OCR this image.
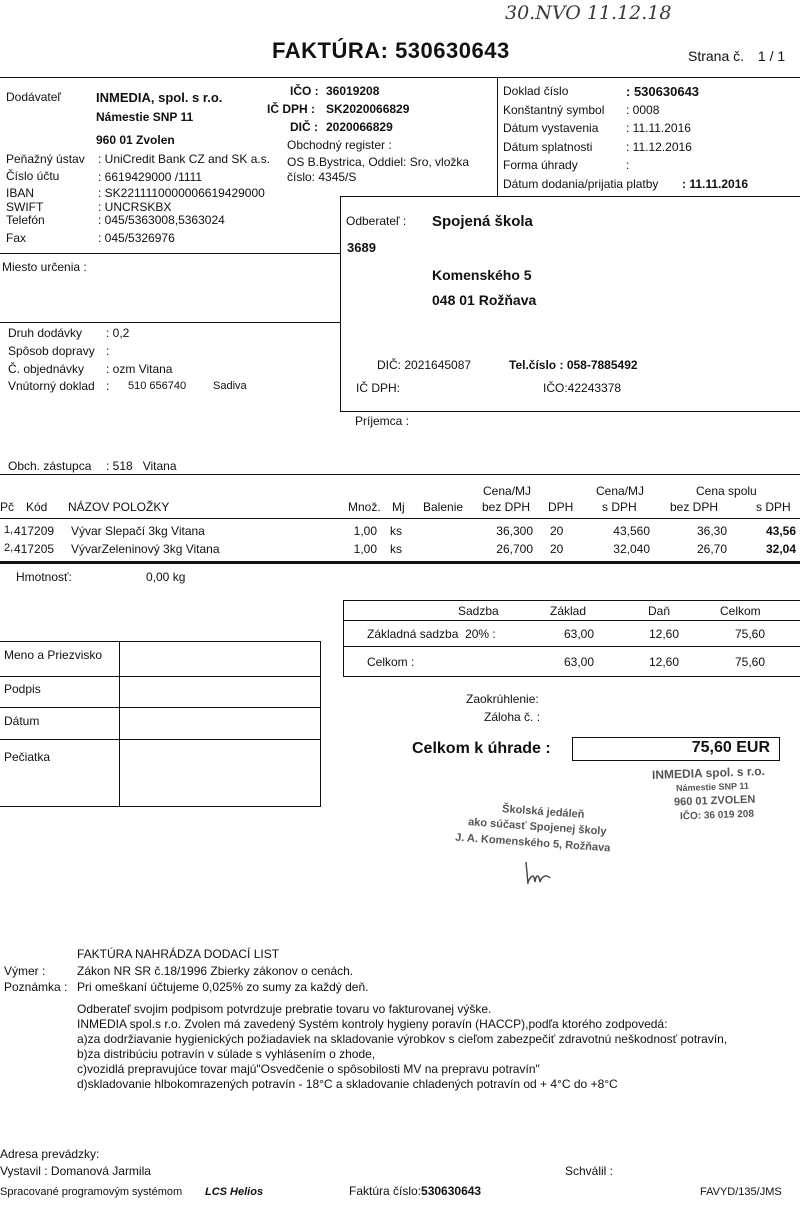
30.NVO 11.12.18
FAKTÚRA: 530630643	Strana č. 1 / 1
Dodávateľ	INMEDIA, spol. s r.o.
Námestie SNP 11
960 01 Zvolen
IČO : 36019208
IČ DPH : SK2020066829
DIČ : 2020066829
Obchodný register :
OS B.Bystrica, Oddiel: Sro, vložka
číslo: 4345/S
Peňažný ústav : UniCredit Bank CZ and SK a.s.
Číslo účtu	: 6619429000 /1111
IBAN	: SK2211110000006619429000
SWIFT	: UNCRSKBX
Telefón	: 045/5363008,5363024
Fax	: 045/5326976
Doklad číslo	: 530630643
Konštantný symbol : 0008
Dátum vystavenia : 11.11.2016
Dátum splatnosti	: 11.12.2016
Forma úhrady	:
Dátum dodania/prijatia platby : 11.11.2016
Odberateľ : Spojená škola
3689
Komenského 5
048 01 Rožňava
DIČ: 2021645087	Tel.číslo : 058-7885492
IČ DPH:	IČO:42243378
Príjemca :
Miesto určenia :
Druh dodávky : 0,2
Spôsob dopravy :
Č. objednávky : ozm Vitana
Vnútorný doklad : 510 656740 Sadiva
Obch. zástupca : 518 Vitana
Pč Kód NÁZOV POLOŽKY	Množ. Mj Balenie
Cena/MJ
bez DPH DPH
Cena/MJ
s DPH
Cena spolu
bez DPH	s DPH
1, 417209	Vývar Slepačí 3kg Vitana	1,00 ks	36,300 20	43,560	36,30	43,56
2, 417205	VývarZeleninový 3kg Vitana	1,00 ks	26,700 20	32,040	26,70	32,04
Hmotnosť:	0,00 kg
Sadzba	Základ	Daň	Celkom
Základná sadzba 20% :	63,00	12,60	75,60
Celkom :	63,00	12,60	75,60
Meno a Priezvisko
Podpis
Dátum
Pečiatka
Zaokrúhlenie:
Záloha č. :
Celkom k úhrade :	75,60 EUR
INMEDIA spol. s r.o.
Námestie SNP 11
960 01 ZVOLEN
IČO: 36 019 208
Školská jedáleň
ako súčasť Spojenej školy
J. A. Komenského 5, Rožňava
FAKTÚRA NAHRÁDZA DODACÍ LIST
Výmer :	Zákon NR SR č.18/1996 Zbierky zákonov o cenách.
Poznámka : Pri omeškaní účtujeme 0,025% zo sumy za každý deň.
Odberateľ svojim podpisom potvrdzuje prebratie tovaru vo fakturovanej výške.
INMEDIA spol.s r.o. Zvolen má zavedený Systém kontroly hygieny poravín (HACCP),podľa ktorého zodpovedá:
a)za dodržiavanie hygienických požiadaviek na skladovanie výrobkov s cieľom zabezpečiť zdravotnú neškodnosť potravín,
b)za distribúciu potravín v súlade s vyhlásením o zhode,
c)vozidlá prepravujúce tovar majú"Osvedčenie o spôsobilosti MV na prepravu potravín"
d)skladovanie hlbokomrazených potravín - 18°C a skladovanie chladených potravín od + 4°C do +8°C
Adresa prevádzky:
Vystavil : Domanová Jarmila	Schválil :
Spracované programovým systémom LCS Helios	Faktúra číslo:530630643	FAVYD/135/JMS
